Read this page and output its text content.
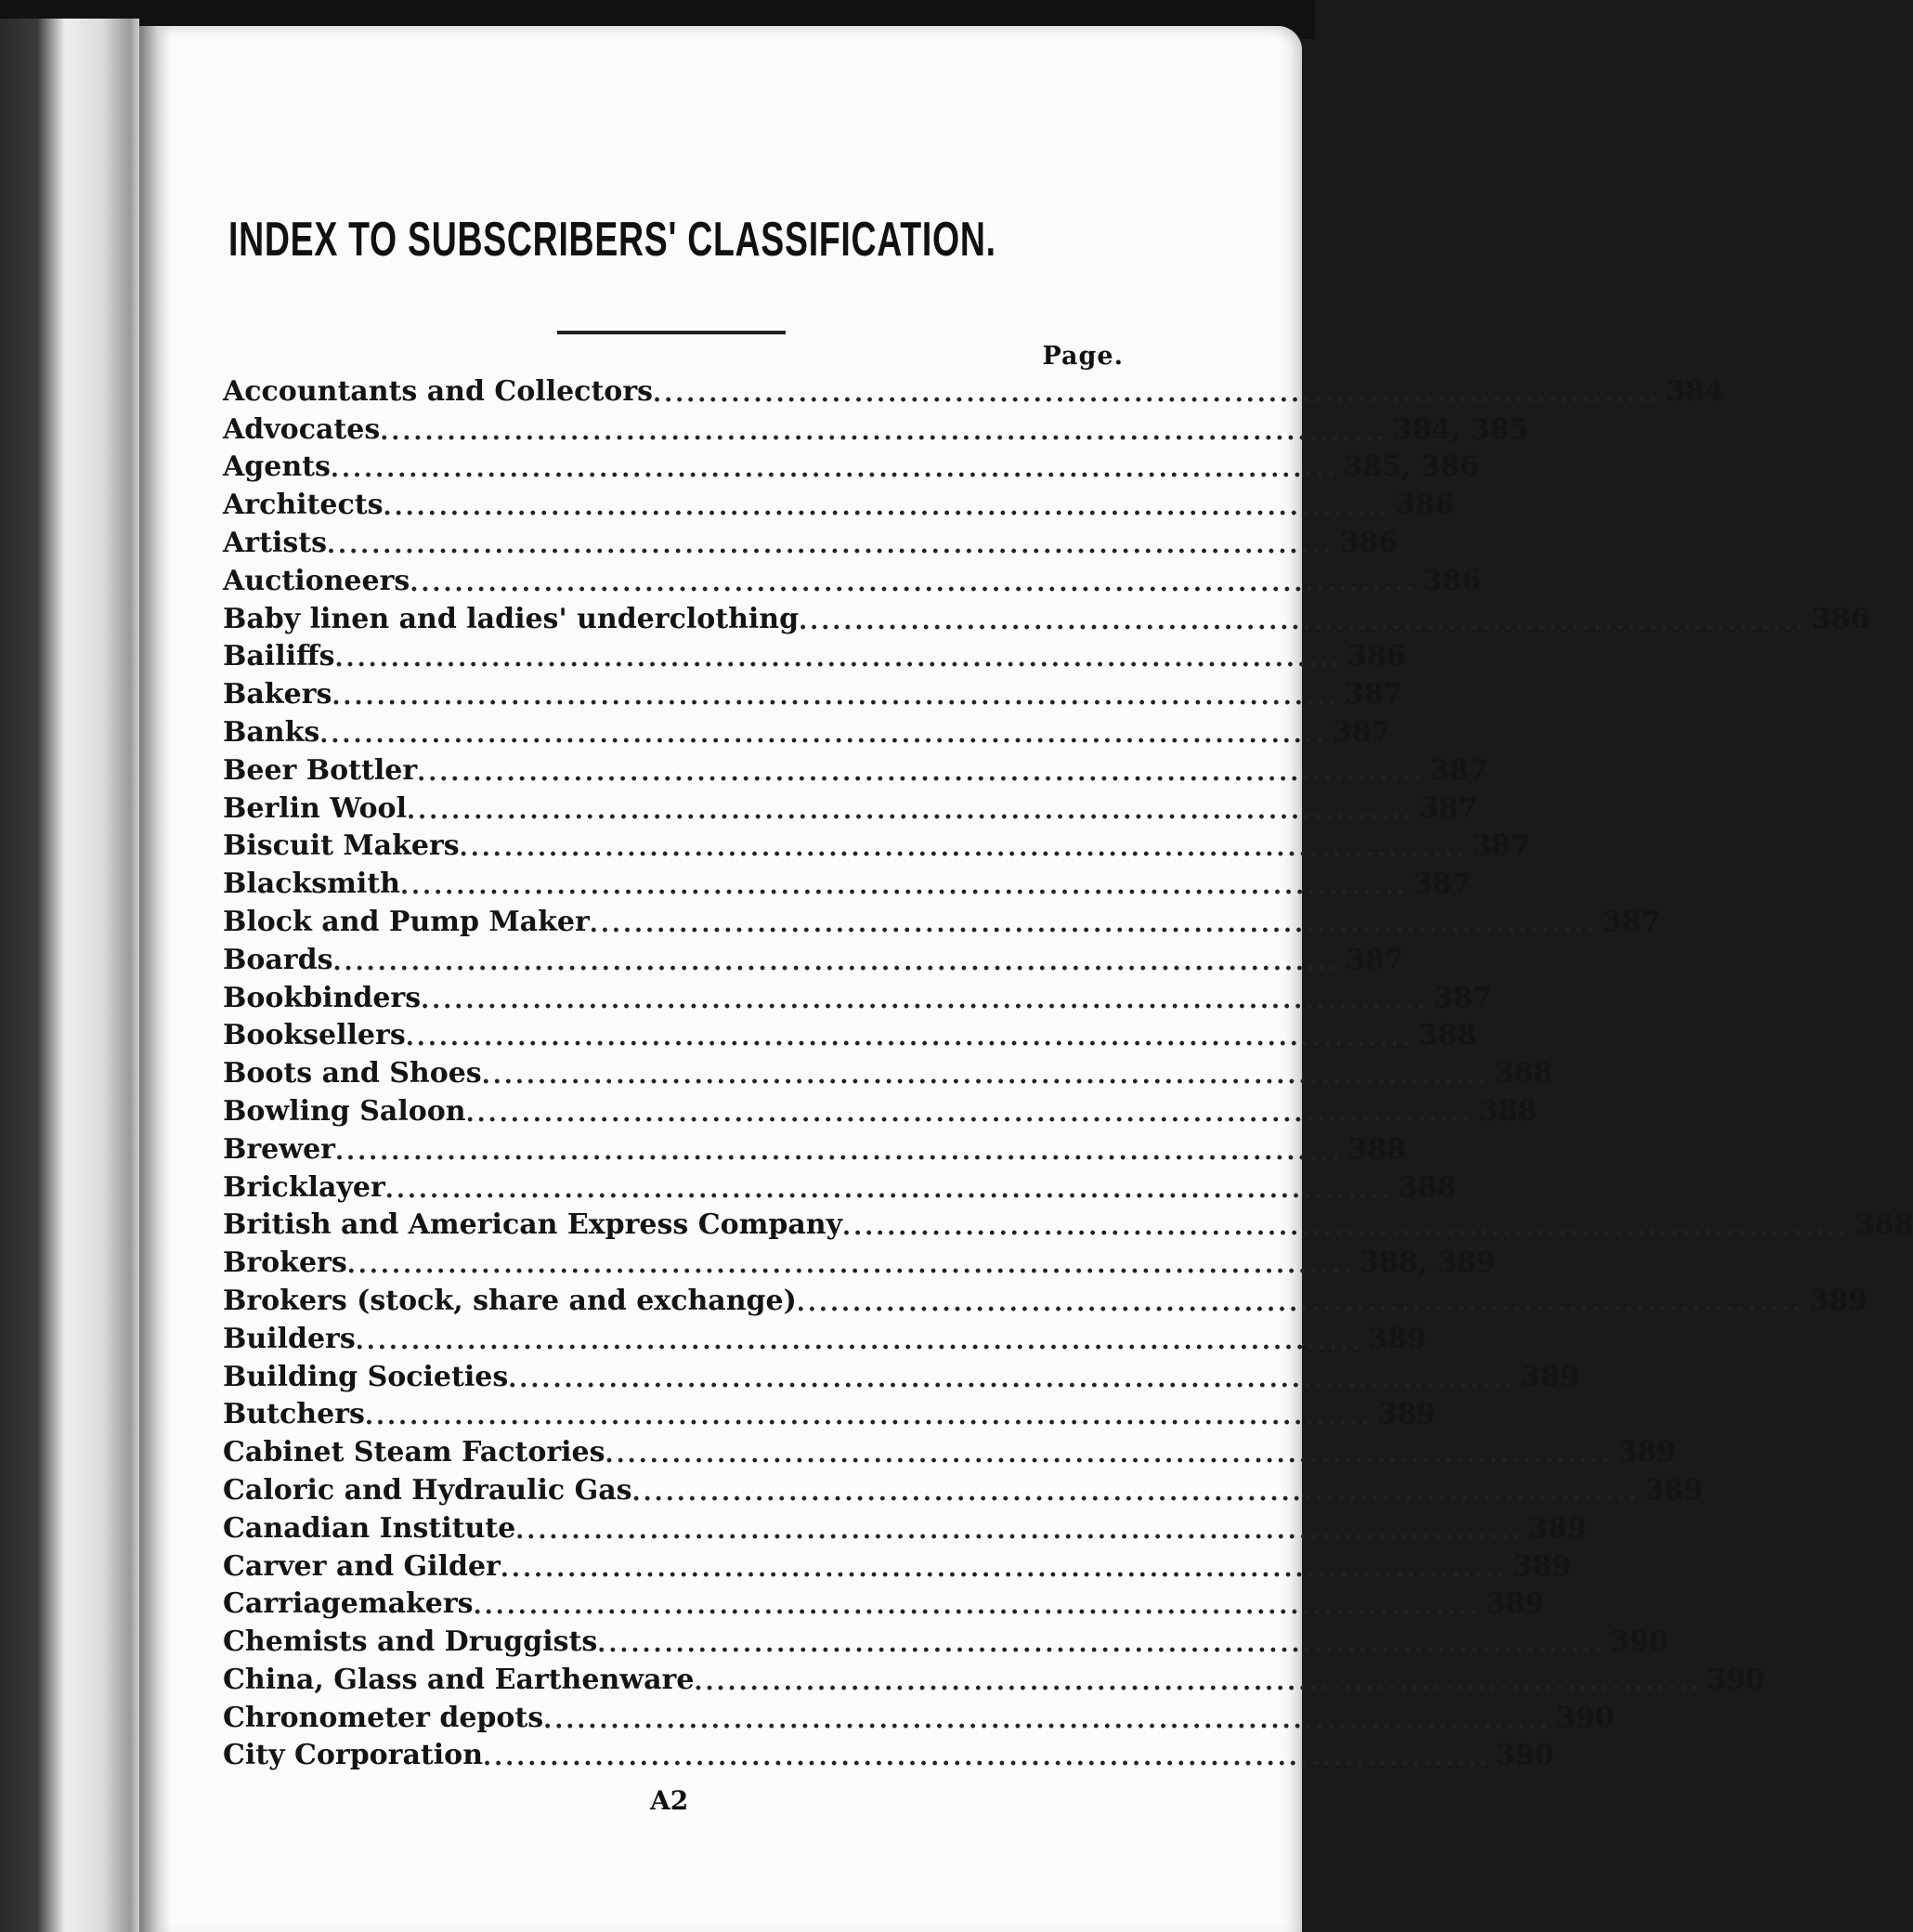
INDEX TO SUBSCRIBERS' CLASSIFICATION.
Page.
Accountants and Collectors .......................................................................................... 384
Advocates .......................................................................................... 384, 385
Agents .......................................................................................... 385, 386
Architects .......................................................................................... 386
Artists .......................................................................................... 386
Auctioneers .......................................................................................... 386
Baby linen and ladies' underclothing .......................................................................................... 386
Bailiffs .......................................................................................... 386
Bakers .......................................................................................... 387
Banks .......................................................................................... 387
Beer Bottler .......................................................................................... 387
Berlin Wool .......................................................................................... 387
Biscuit Makers .......................................................................................... 387
Blacksmith .......................................................................................... 387
Block and Pump Maker .......................................................................................... 387
Boards .......................................................................................... 387
Bookbinders .......................................................................................... 387
Booksellers .......................................................................................... 388
Boots and Shoes .......................................................................................... 388
Bowling Saloon .......................................................................................... 388
Brewer .......................................................................................... 388
Bricklayer .......................................................................................... 388
British and American Express Company .......................................................................................... 388
Brokers .......................................................................................... 388, 389
Brokers (stock, share and exchange) .......................................................................................... 389
Builders .......................................................................................... 389
Building Societies .......................................................................................... 389
Butchers .......................................................................................... 389
Cabinet Steam Factories .......................................................................................... 389
Caloric and Hydraulic Gas .......................................................................................... 389
Canadian Institute .......................................................................................... 389
Carver and Gilder .......................................................................................... 389
Carriagemakers .......................................................................................... 389
Chemists and Druggists .......................................................................................... 390
China, Glass and Earthenware .......................................................................................... 390
Chronometer depots .......................................................................................... 390
City Corporation .......................................................................................... 390
A2
